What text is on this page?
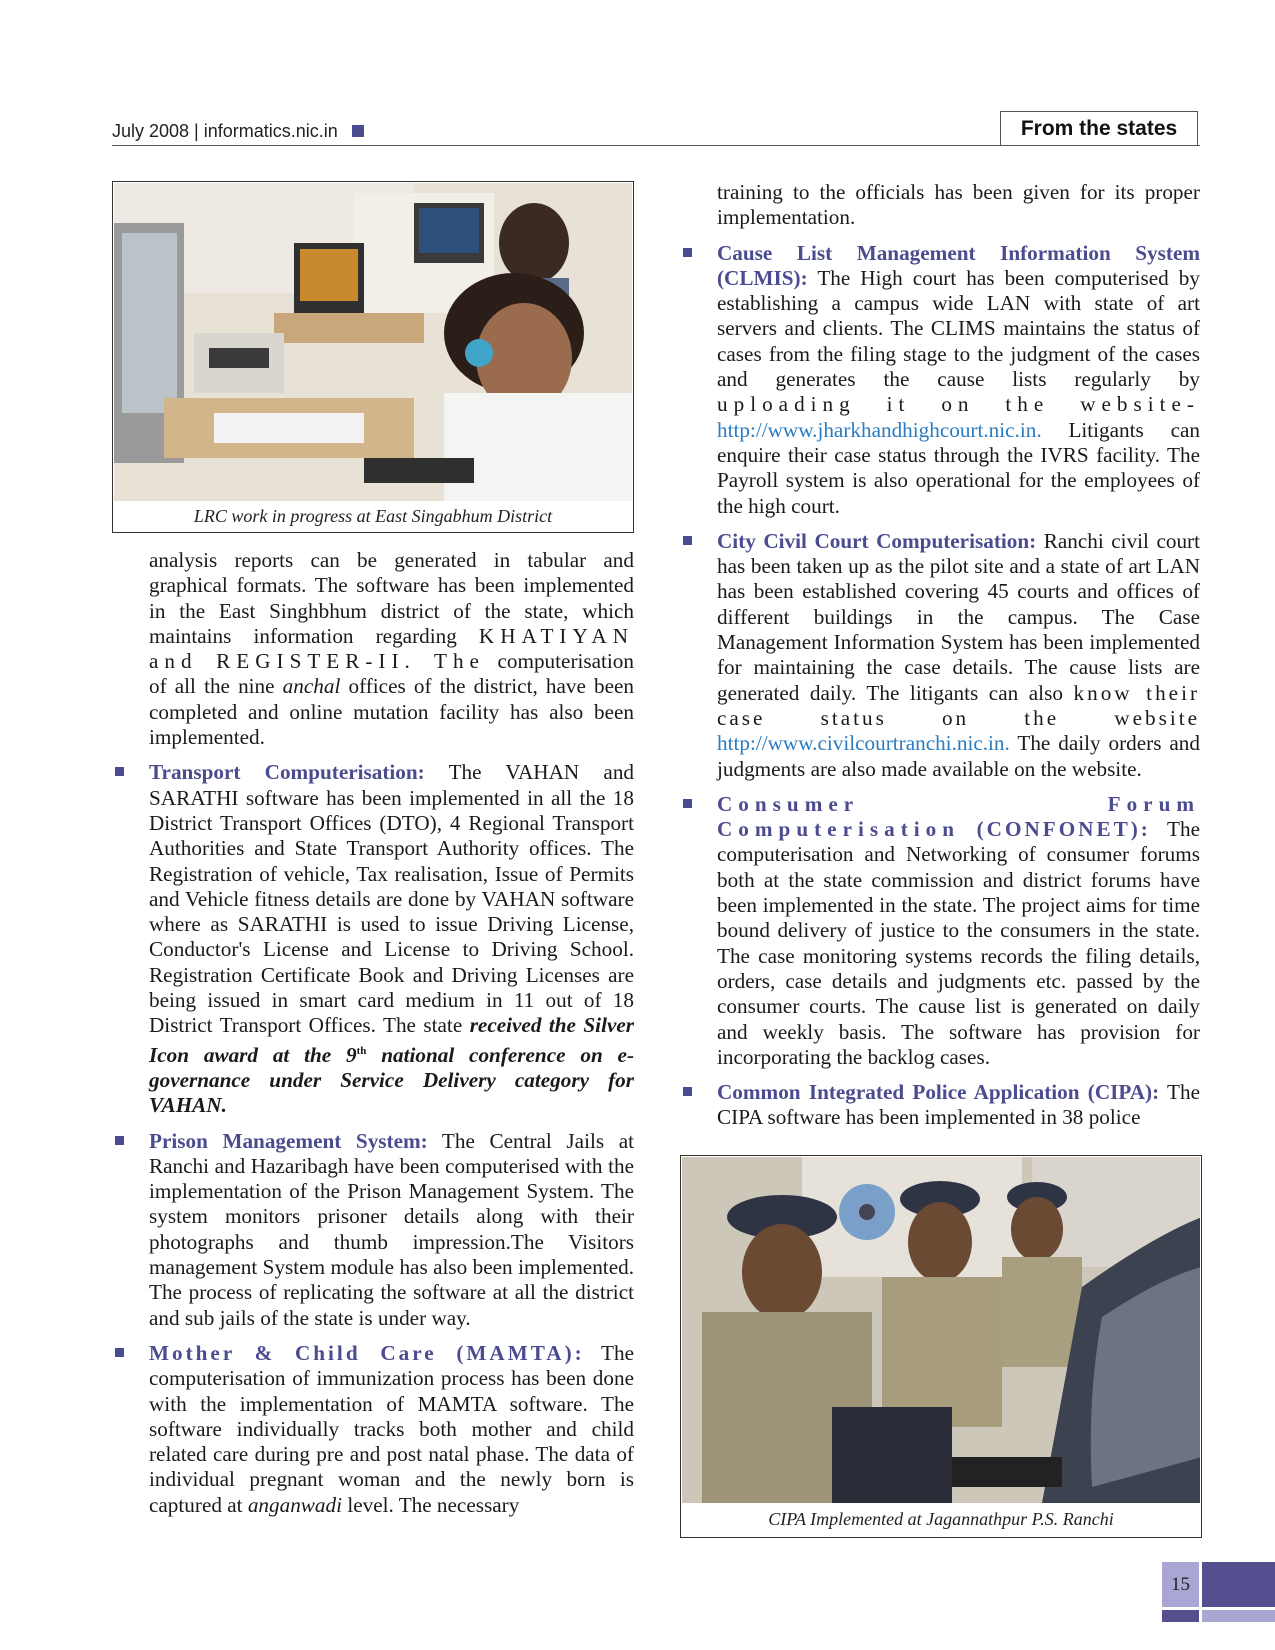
July 2008 | informatics.nic.in	From the states
LRC work in progress at East Singabhum District

analysis reports can be generated in tabular and graphical formats. The software has been implemented in the East Singhbhum district of the state, which maintains information regarding KHATIYAN and REGISTER-II. The computerisation of all the nine anchal offices of the district, have been completed and online mutation facility has also been implemented.

Transport Computerisation: The VAHAN and SARATHI software has been implemented in all the 18 District Transport Offices (DTO), 4 Regional Transport Authorities and State Transport Authority offices. The Registration of vehicle, Tax realisation, Issue of Permits and Vehicle fitness details are done by VAHAN software where as SARATHI is used to issue Driving License, Conductor's License and License to Driving School. Registration Certificate Book and Driving Licenses are being issued in smart card medium in 11 out of 18 District Transport Offices. The state received the Silver Icon award at the 9th national conference on e-governance under Service Delivery category for VAHAN.
Prison Management System: The Central Jails at Ranchi and Hazaribagh have been computerised with the implementation of the Prison Management System. The system monitors prisoner details along with their photographs and thumb impression.The Visitors management System module has also been implemented. The process of replicating the software at all the district and sub jails of the state is under way.
Mother & Child Care (MAMTA): The computerisation of immunization process has been done with the implementation of MAMTA software. The software individually tracks both mother and child related care during pre and post natal phase. The data of individual pregnant woman and the newly born is captured at anganwadi level. The necessary

training to the officials has been given for its proper implementation.

Cause List Management Information System (CLMIS): The High court has been computerised by establishing a campus wide LAN with state of art servers and clients. The CLIMS maintains the status of cases from the filing stage to the judgment of the cases and generates the cause lists regularly by uploading it on the website- http://www.jharkhandhighcourt.nic.in. Litigants can enquire their case status through the IVRS facility. The Payroll system is also operational for the employees of the high court.
City Civil Court Computerisation: Ranchi civil court has been taken up as the pilot site and a state of art LAN has been established covering 45 courts and offices of different buildings in the campus. The Case Management Information System has been implemented for maintaining the case details. The cause lists are generated daily. The litigants can also know their case status on the website http://www.civilcourtranchi.nic.in. The daily orders and judgments are also made available on the website.
Consumer Forum Computerisation (CONFONET): The computerisation and Networking of consumer forums both at the state commission and district forums have been implemented in the state. The project aims for time bound delivery of justice to the consumers in the state. The case monitoring systems records the filing details, orders, case details and judgments etc. passed by the consumer courts. The cause list is generated on daily and weekly basis. The software has provision for incorporating the backlog cases.
Common Integrated Police Application (CIPA): The CIPA software has been implemented in 38 police
CIPA Implemented at Jagannathpur P.S. Ranchi
15
